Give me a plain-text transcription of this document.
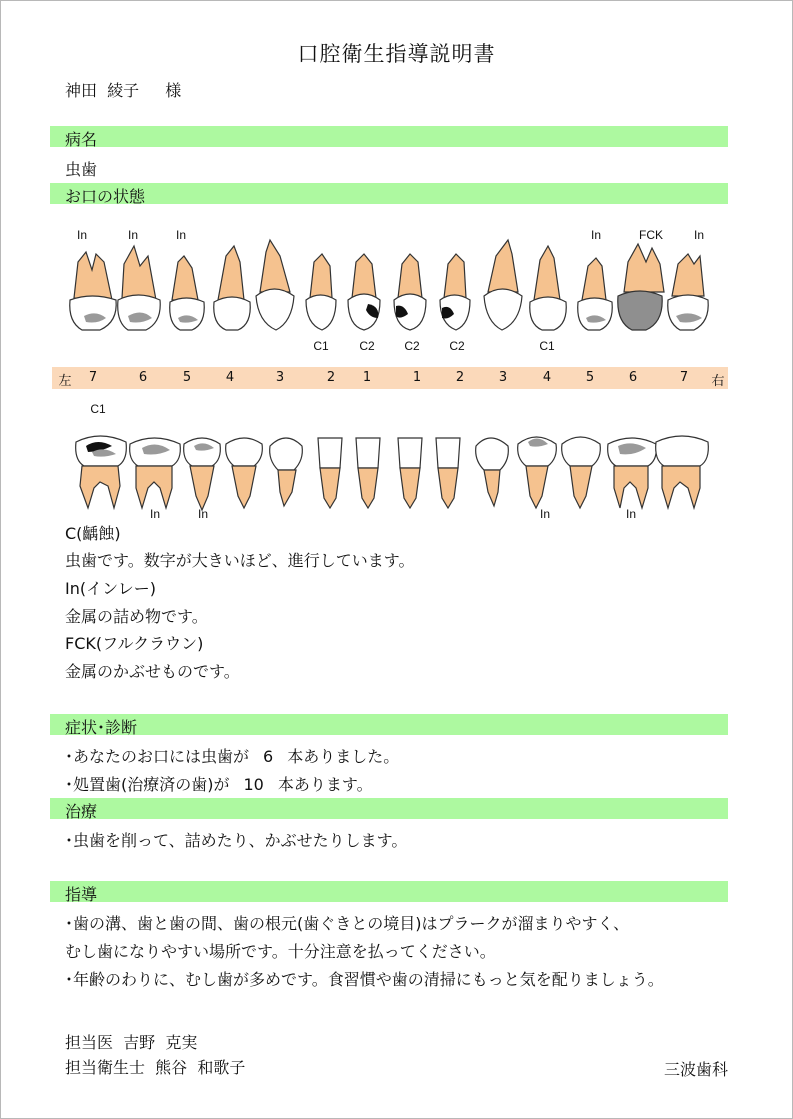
口腔衛生指導説明書
神田  綾子 様
病名
虫歯
お口の状態
In	In	In	In	FCK	In
C1	C2 C2 C2	C1
左 7	6	5	4	3	2 1	1	2	3	4	5	6	7 右
C1
In	In	In	In
C(齲蝕)
虫歯です。数字が大きいほど、進行しています。
In(インレー)
金属の詰め物です。
FCK(フルクラウン)
金属のかぶせものです。
症状･診断
･あなたのお口には虫歯が 6 本ありました。
･処置歯(治療済の歯)が 10 本あります。
治療
･虫歯を削って、詰めたり、かぶせたりします。
指導
･歯の溝、歯と歯の間、歯の根元(歯ぐきとの境目)はプラークが溜まりやすく、
むし歯になりやすい場所です。十分注意を払ってください。
･年齢のわりに、むし歯が多めです。食習慣や歯の清掃にもっと気を配りましょう。
担当医  吉野  克実
担当衛生士  熊谷  和歌子	三波歯科
